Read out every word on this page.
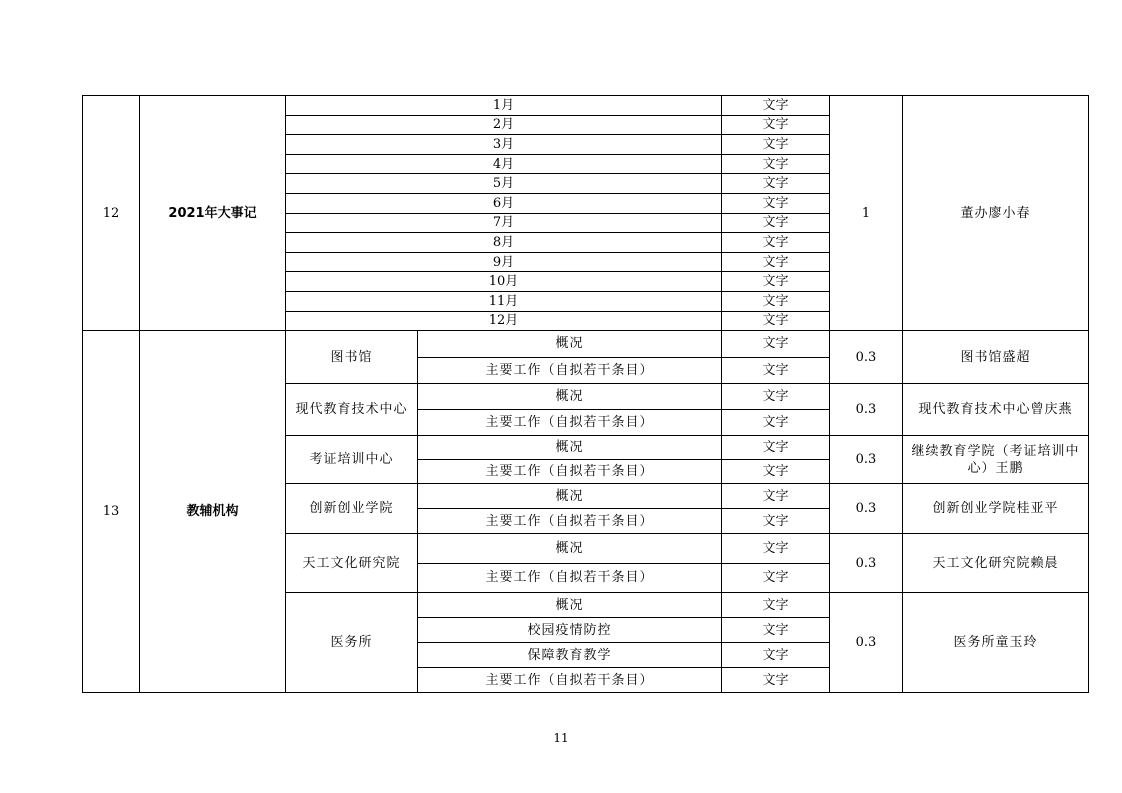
12	2021年大事记	1月		文字	1	董办廖小春
		2月		文字		
		3月		文字		
		4月		文字		
		5月		文字		
		6月		文字		
		7月		文字		
		8月		文字		
		9月		文字		
		10月		文字		
		11月		文字		
		12月		文字		
13	教辅机构	图书馆	概况	文字	0.3	图书馆盛超
			主要工作（自拟若干条目）	文字		
		现代教育技术中心	概况	文字	0.3	现代教育技术中心曾庆燕
			主要工作（自拟若干条目）	文字		
		考证培训中心	概况	文字	0.3	继续教育学院（考证培训中心）王鹏
			主要工作（自拟若干条目）	文字		
		创新创业学院	概况	文字	0.3	创新创业学院桂亚平
			主要工作（自拟若干条目）	文字		
		天工文化研究院	概况	文字	0.3	天工文化研究院赖晨
			主要工作（自拟若干条目）	文字		
		医务所	概况	文字	0.3	医务所童玉玲
			校园疫情防控	文字		
			保障教育教学	文字		
			主要工作（自拟若干条目）	文字		
11
